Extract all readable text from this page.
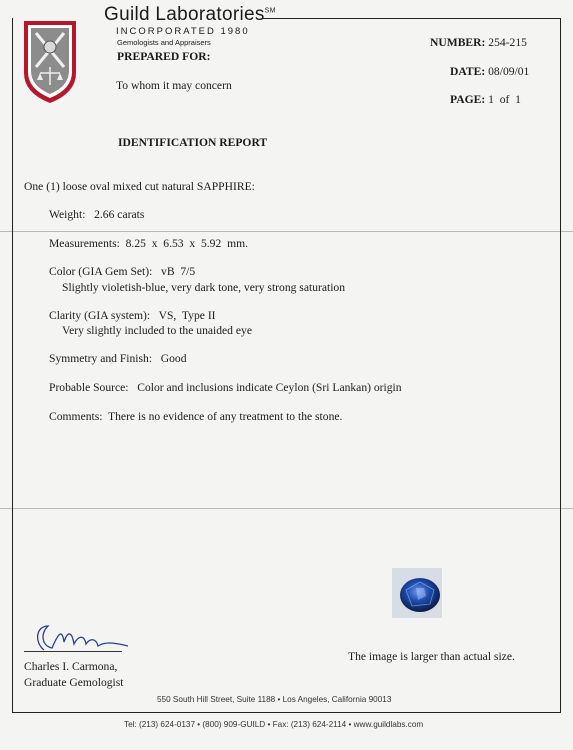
Guild Laboratories℠
INCORPORATED 1980
Gemologists and Appraisers
PREPARED FOR:
To whom it may concern
NUMBER: 254-215
DATE: 08/09/01
PAGE: 1  of  1
IDENTIFICATION REPORT
One (1) loose oval mixed cut natural SAPPHIRE:
Weight:   2.66 carats
Measurements:  8.25  x  6.53  x  5.92  mm.
Color (GIA Gem Set):   vB  7/5
Slightly violetish-blue, very dark tone, very strong saturation
Clarity (GIA system):   VS,  Type II
Very slightly included to the unaided eye
Symmetry and Finish:   Good
Probable Source:   Color and inclusions indicate Ceylon (Sri Lankan) origin
Comments:  There is no evidence of any treatment to the stone.
The image is larger than actual size.
Charles I. Carmona,
Graduate Gemologist
550 South Hill Street, Suite 1188 • Los Angeles, California 90013
Tel: (213) 624-0137 • (800) 909-GUILD • Fax: (213) 624-2114 • www.guildlabs.com
